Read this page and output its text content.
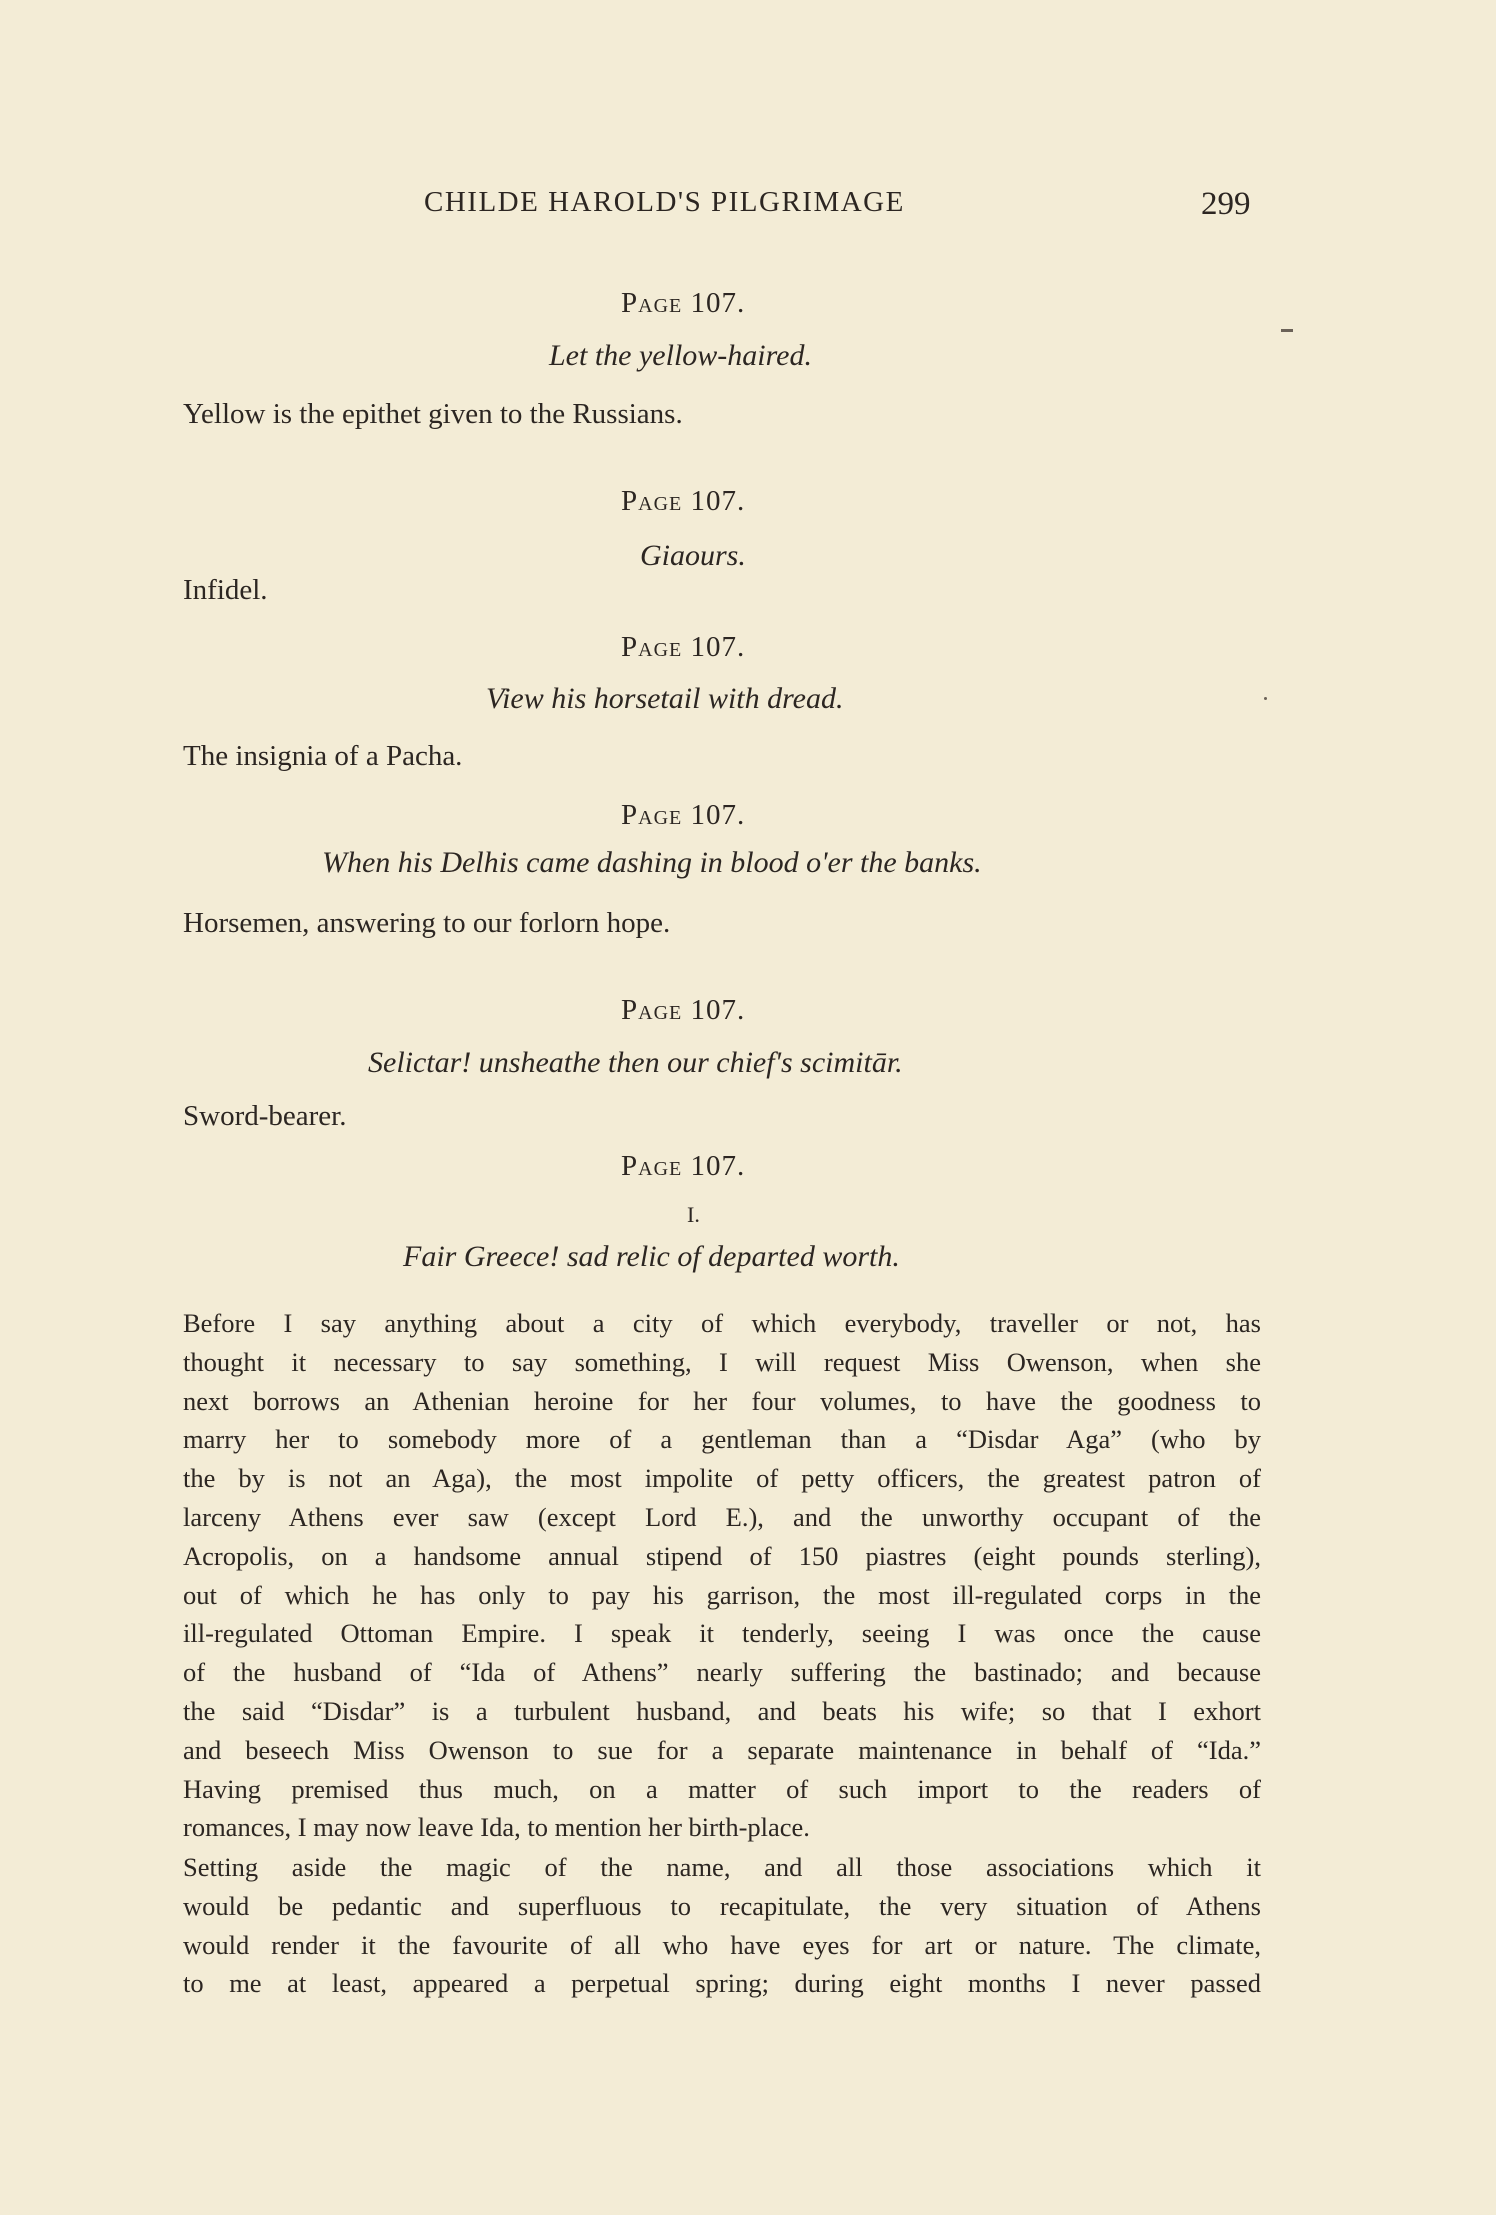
CHILDE HAROLD'S PILGRIMAGE	299
Page 107.
Let the yellow-haired.
Yellow is the epithet given to the Russians.
Page 107.
Giaours.
Infidel.
Page 107.
View his horsetail with dread.
The insignia of a Pacha.
Page 107.
When his Delhis came dashing in blood o'er the banks.
Horsemen, answering to our forlorn hope.
Page 107.
Selictar! unsheathe then our chief's scimitār.
Sword-bearer.
Page 107.
I.
Fair Greece! sad relic of departed worth.
Before I say anything about a city of which everybody, traveller or not, has
thought it necessary to say something, I will request Miss Owenson, when she
next borrows an Athenian heroine for her four volumes, to have the goodness to
marry her to somebody more of a gentleman than a “Disdar Aga” (who by
the by is not an Aga), the most impolite of petty officers, the greatest patron of
larceny Athens ever saw (except Lord E.), and the unworthy occupant of the
Acropolis, on a handsome annual stipend of 150 piastres (eight pounds sterling),
out of which he has only to pay his garrison, the most ill-regulated corps in the
ill-regulated Ottoman Empire. I speak it tenderly, seeing I was once the cause
of the husband of “Ida of Athens” nearly suffering the bastinado; and because
the said “Disdar” is a turbulent husband, and beats his wife; so that I exhort
and beseech Miss Owenson to sue for a separate maintenance in behalf of “Ida.”
Having premised thus much, on a matter of such import to the readers of
romances, I may now leave Ida, to mention her birth-place.
Setting aside the magic of the name, and all those associations which it
would be pedantic and superfluous to recapitulate, the very situation of Athens
would render it the favourite of all who have eyes for art or nature. The climate,
to me at least, appeared a perpetual spring; during eight months I never passed
